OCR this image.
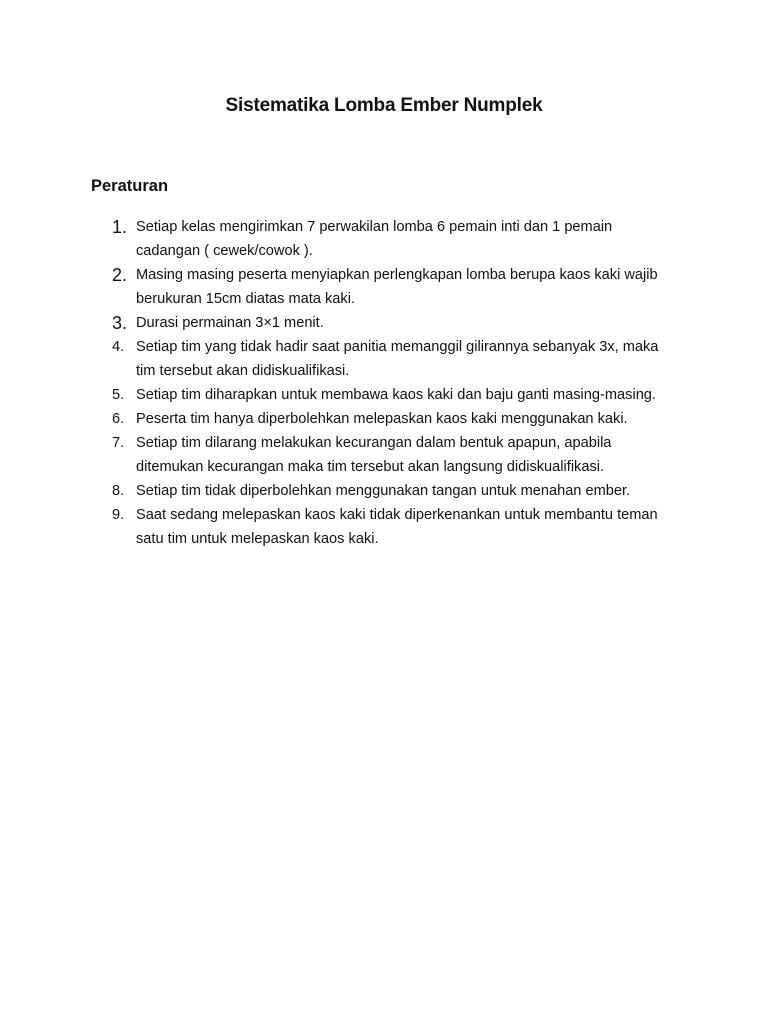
Sistematika Lomba Ember Numplek
Peraturan
1. Setiap kelas mengirimkan 7 perwakilan lomba 6 pemain inti dan 1 pemain cadangan ( cewek/cowok ).
2. Masing masing peserta menyiapkan perlengkapan lomba berupa kaos kaki wajib berukuran 15cm diatas mata kaki.
3. Durasi permainan 3×1 menit.
4. Setiap tim yang tidak hadir saat panitia memanggil gilirannya sebanyak 3x, maka tim tersebut akan didiskualifikasi.
5. Setiap tim diharapkan untuk membawa kaos kaki dan baju ganti masing-masing.
6. Peserta tim hanya diperbolehkan melepaskan kaos kaki menggunakan kaki.
7. Setiap tim dilarang melakukan kecurangan dalam bentuk apapun, apabila ditemukan kecurangan maka tim tersebut akan langsung didiskualifikasi.
8. Setiap tim tidak diperbolehkan menggunakan tangan untuk menahan ember.
9. Saat sedang melepaskan kaos kaki tidak diperkenankan untuk membantu teman satu tim untuk melepaskan kaos kaki.
